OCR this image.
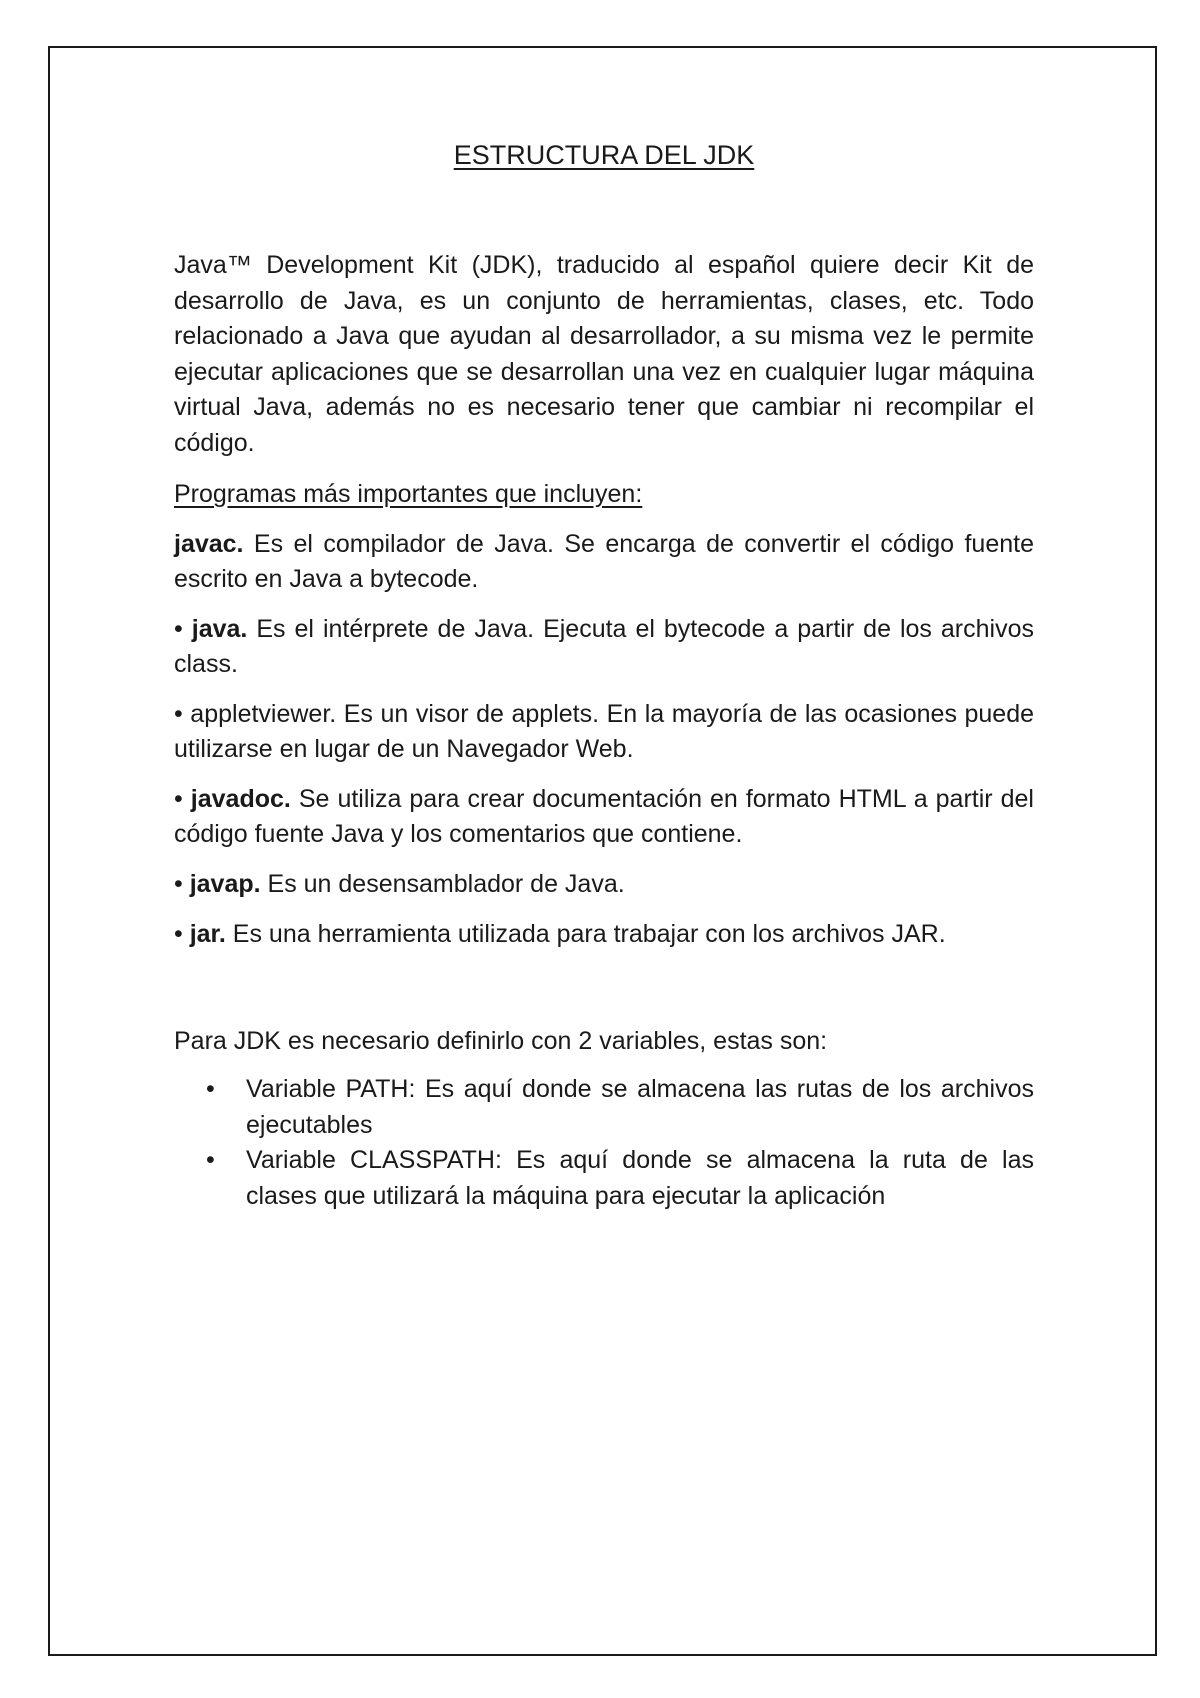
ESTRUCTURA DEL JDK

Java™ Development Kit (JDK), traducido al español quiere decir Kit de desarrollo de Java, es un conjunto de herramientas, clases, etc. Todo relacionado a Java que ayudan al desarrollador, a su misma vez le permite ejecutar aplicaciones que se desarrollan una vez en cualquier lugar máquina virtual Java, además no es necesario tener que cambiar ni recompilar el código.

Programas más importantes que incluyen:

javac. Es el compilador de Java. Se encarga de convertir el código fuente escrito en Java a bytecode.

• java. Es el intérprete de Java. Ejecuta el bytecode a partir de los archivos class.

• appletviewer. Es un visor de applets. En la mayoría de las ocasiones puede utilizarse en lugar de un Navegador Web.

• javadoc. Se utiliza para crear documentación en formato HTML a partir del código fuente Java y los comentarios que contiene.

• javap. Es un desensamblador de Java.

• jar. Es una herramienta utilizada para trabajar con los archivos JAR.

Para JDK es necesario definirlo con 2 variables, estas son:

• Variable PATH: Es aquí donde se almacena las rutas de los archivos ejecutables
• Variable CLASSPATH: Es aquí donde se almacena la ruta de las clases que utilizará la máquina para ejecutar la aplicación
